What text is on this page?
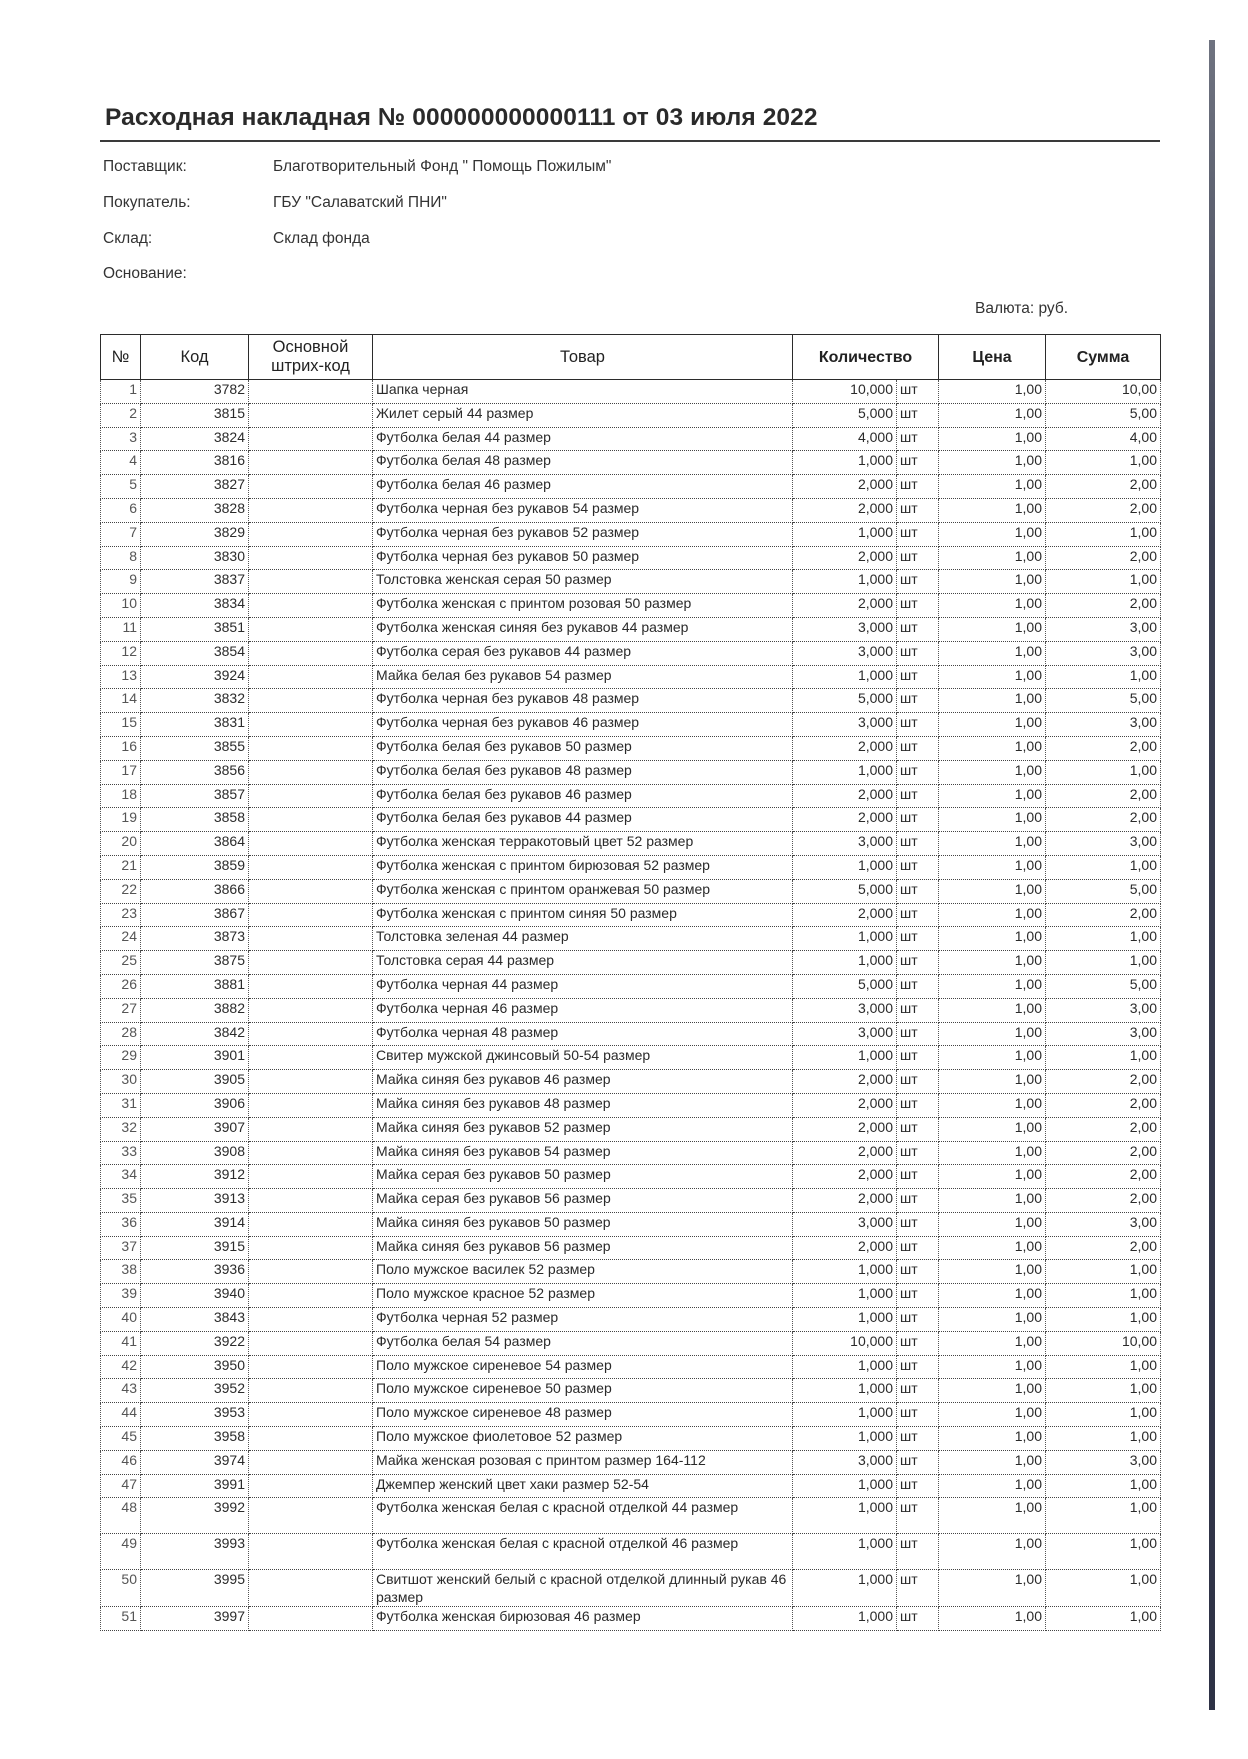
Расходная накладная № 000000000000111 от 03 июля 2022
Поставщик:	Благотворительный Фонд " Помощь Пожилым"
Покупатель:	ГБУ "Салаватский ПНИ"
Склад:	Склад фонда
Основание:
Валюта: руб.
№	Код	Основной штрих-код	Товар	Количество		Цена	Сумма
1	3782		Шапка черная	10,000	шт	1,00	10,00
2	3815		Жилет серый 44 размер	5,000	шт	1,00	5,00
3	3824		Футболка белая 44 размер	4,000	шт	1,00	4,00
4	3816		Футболка белая 48 размер	1,000	шт	1,00	1,00
5	3827		Футболка белая 46 размер	2,000	шт	1,00	2,00
6	3828		Футболка черная без рукавов 54 размер	2,000	шт	1,00	2,00
7	3829		Футболка черная без рукавов 52 размер	1,000	шт	1,00	1,00
8	3830		Футболка черная без рукавов 50 размер	2,000	шт	1,00	2,00
9	3837		Толстовка женская серая 50 размер	1,000	шт	1,00	1,00
10	3834		Футболка женская с принтом розовая 50 размер	2,000	шт	1,00	2,00
11	3851		Футболка женская синяя без рукавов 44 размер	3,000	шт	1,00	3,00
12	3854		Футболка серая без рукавов 44 размер	3,000	шт	1,00	3,00
13	3924		Майка белая без рукавов 54 размер	1,000	шт	1,00	1,00
14	3832		Футболка черная без рукавов 48 размер	5,000	шт	1,00	5,00
15	3831		Футболка черная без рукавов 46 размер	3,000	шт	1,00	3,00
16	3855		Футболка белая без рукавов 50 размер	2,000	шт	1,00	2,00
17	3856		Футболка белая без рукавов 48 размер	1,000	шт	1,00	1,00
18	3857		Футболка белая без рукавов 46 размер	2,000	шт	1,00	2,00
19	3858		Футболка белая без рукавов 44 размер	2,000	шт	1,00	2,00
20	3864		Футболка женская терракотовый цвет 52 размер	3,000	шт	1,00	3,00
21	3859		Футболка женская с принтом бирюзовая 52 размер	1,000	шт	1,00	1,00
22	3866		Футболка женская с принтом оранжевая 50 размер	5,000	шт	1,00	5,00
23	3867		Футболка женская с принтом синяя 50 размер	2,000	шт	1,00	2,00
24	3873		Толстовка зеленая 44 размер	1,000	шт	1,00	1,00
25	3875		Толстовка серая 44 размер	1,000	шт	1,00	1,00
26	3881		Футболка черная 44 размер	5,000	шт	1,00	5,00
27	3882		Футболка черная 46 размер	3,000	шт	1,00	3,00
28	3842		Футболка черная 48 размер	3,000	шт	1,00	3,00
29	3901		Свитер мужской джинсовый 50-54 размер	1,000	шт	1,00	1,00
30	3905		Майка синяя без рукавов 46 размер	2,000	шт	1,00	2,00
31	3906		Майка синяя без рукавов 48 размер	2,000	шт	1,00	2,00
32	3907		Майка синяя без рукавов 52 размер	2,000	шт	1,00	2,00
33	3908		Майка синяя без рукавов 54 размер	2,000	шт	1,00	2,00
34	3912		Майка серая без рукавов 50 размер	2,000	шт	1,00	2,00
35	3913		Майка серая без рукавов 56 размер	2,000	шт	1,00	2,00
36	3914		Майка синяя без рукавов 50 размер	3,000	шт	1,00	3,00
37	3915		Майка синяя без рукавов 56 размер	2,000	шт	1,00	2,00
38	3936		Поло мужское василек 52 размер	1,000	шт	1,00	1,00
39	3940		Поло мужское красное 52 размер	1,000	шт	1,00	1,00
40	3843		Футболка черная 52 размер	1,000	шт	1,00	1,00
41	3922		Футболка белая 54 размер	10,000	шт	1,00	10,00
42	3950		Поло мужское сиреневое 54 размер	1,000	шт	1,00	1,00
43	3952		Поло мужское сиреневое 50 размер	1,000	шт	1,00	1,00
44	3953		Поло мужское сиреневое 48 размер	1,000	шт	1,00	1,00
45	3958		Поло мужское фиолетовое 52 размер	1,000	шт	1,00	1,00
46	3974		Майка женская розовая с принтом размер 164-112	3,000	шт	1,00	3,00
47	3991		Джемпер женский цвет хаки размер 52-54	1,000	шт	1,00	1,00
48	3992		Футболка женская белая с красной отделкой 44 размер	1,000	шт	1,00	1,00
49	3993		Футболка женская белая с красной отделкой 46 размер	1,000	шт	1,00	1,00
50	3995		Свитшот женский белый с красной отделкой длинный рукав 46 размер	1,000	шт	1,00	1,00
51	3997		Футболка женская бирюзовая 46 размер	1,000	шт	1,00	1,00
